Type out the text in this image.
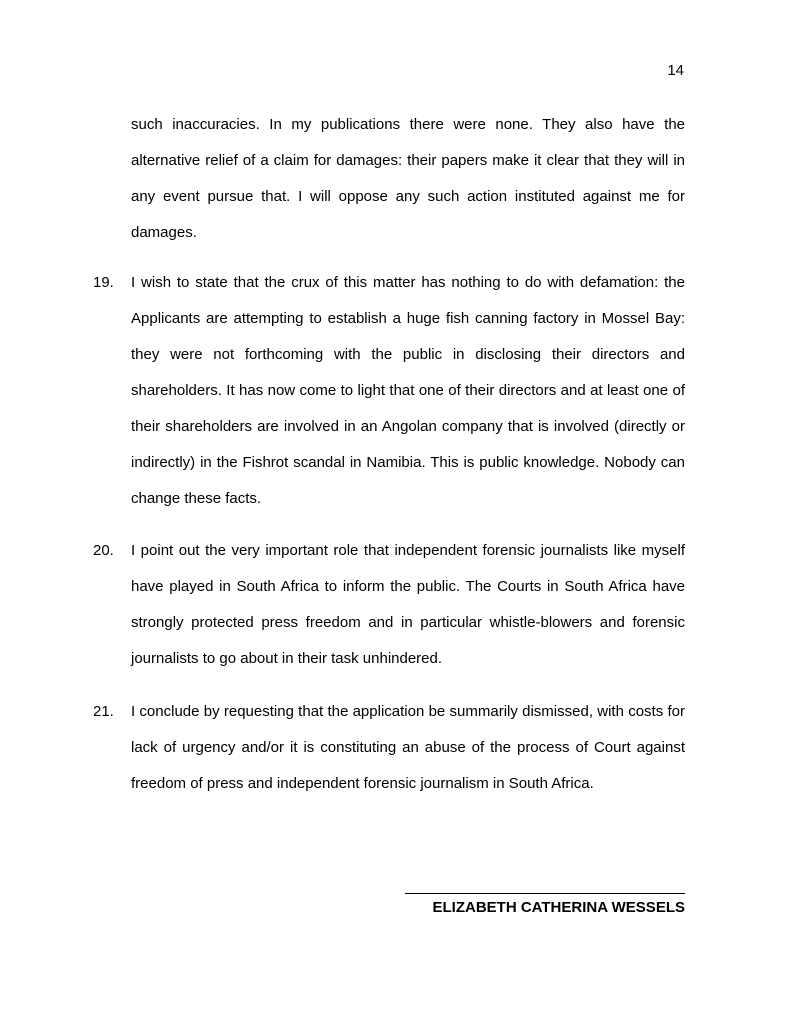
14
such inaccuracies. In my publications there were none. They also have the alternative relief of a claim for damages: their papers make it clear that they will in any event pursue that. I will oppose any such action instituted against me for damages.
19. I wish to state that the crux of this matter has nothing to do with defamation: the Applicants are attempting to establish a huge fish canning factory in Mossel Bay: they were not forthcoming with the public in disclosing their directors and shareholders. It has now come to light that one of their directors and at least one of their shareholders are involved in an Angolan company that is involved (directly or indirectly) in the Fishrot scandal in Namibia. This is public knowledge. Nobody can change these facts.
20. I point out the very important role that independent forensic journalists like myself have played in South Africa to inform the public. The Courts in South Africa have strongly protected press freedom and in particular whistle-blowers and forensic journalists to go about in their task unhindered.
21. I conclude by requesting that the application be summarily dismissed, with costs for lack of urgency and/or it is constituting an abuse of the process of Court against freedom of press and independent forensic journalism in South Africa.
ELIZABETH CATHERINA WESSELS
